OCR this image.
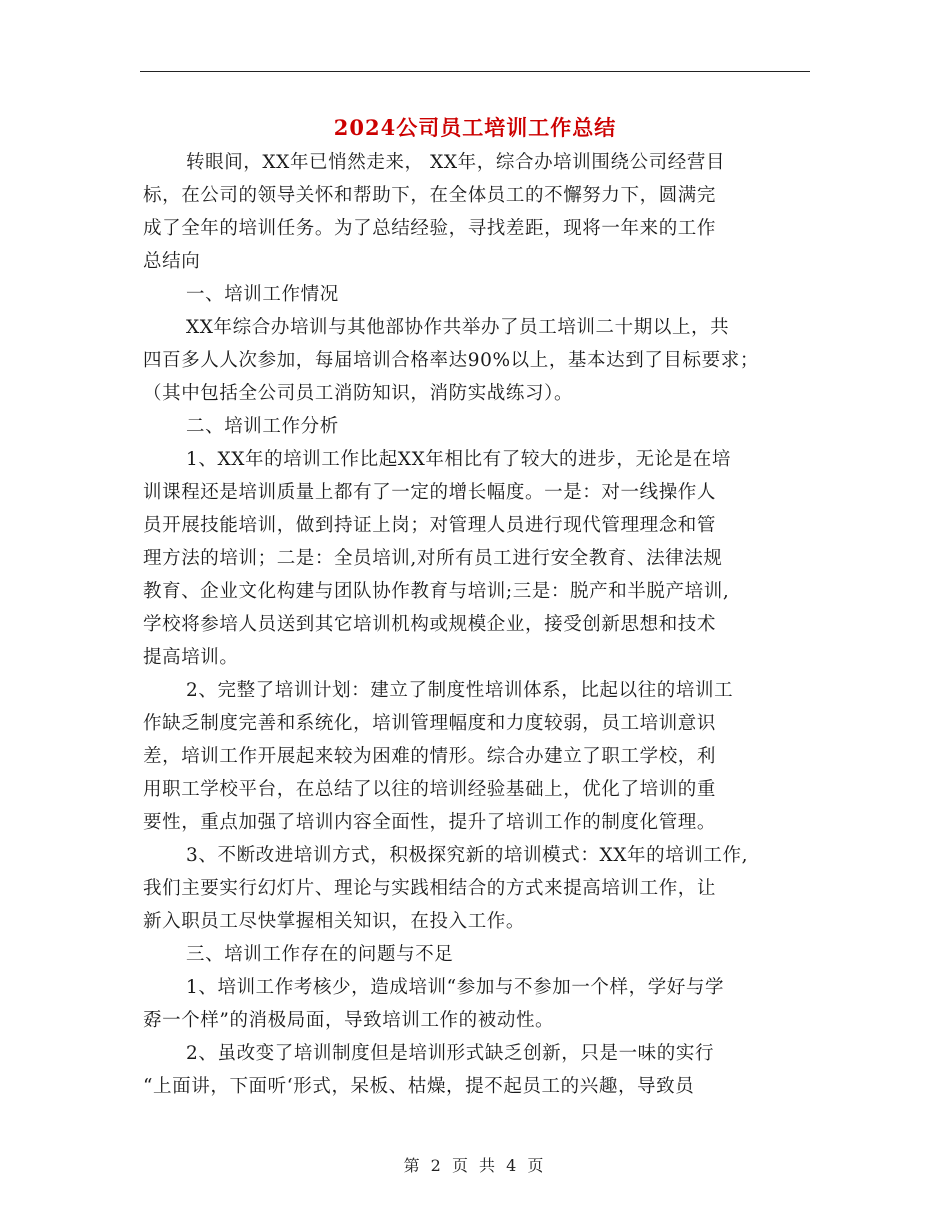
2024公司员工培训工作总结
转眼间，XX年已悄然走来， XX年，综合办培训围绕公司经营目
标，在公司的领导关怀和帮助下，在全体员工的不懈努力下，圆满完
成了全年的培训任务。为了总结经验，寻找差距，现将一年来的工作
总结向
一、培训工作情况
XX年综合办培训与其他部协作共举办了员工培训二十期以上，共
四百多人人次参加，每届培训合格率达90%以上，基本达到了目标要求；
（其中包括全公司员工消防知识，消防实战练习）。
二、培训工作分析
1、XX年的培训工作比起XX年相比有了较大的进步，无论是在培
训课程还是培训质量上都有了一定的增长幅度。一是：对一线操作人
员开展技能培训，做到持证上岗；对管理人员进行现代管理理念和管
理方法的培训；二是：全员培训,对所有员工进行安全教育、法律法规
教育、企业文化构建与团队协作教育与培训;三是：脱产和半脱产培训,
学校将参培人员送到其它培训机构或规模企业，接受创新思想和技术
提高培训。
2、完整了培训计划：建立了制度性培训体系，比起以往的培训工
作缺乏制度完善和系统化，培训管理幅度和力度较弱，员工培训意识
差，培训工作开展起来较为困难的情形。综合办建立了职工学校，利
用职工学校平台，在总结了以往的培训经验基础上，优化了培训的重
要性，重点加强了培训内容全面性，提升了培训工作的制度化管理。
3、不断改进培训方式，积极探究新的培训模式：XX年的培训工作,
我们主要实行幻灯片、理论与实践相结合的方式来提高培训工作，让
新入职员工尽快掌握相关知识，在投入工作。
三、培训工作存在的问题与不足
1、培训工作考核少，造成培训“参加与不参加一个样，学好与学
孬一个样”的消极局面，导致培训工作的被动性。
2、虽改变了培训制度但是培训形式缺乏创新，只是一味的实行
“上面讲，下面听‘形式，呆板、枯燥，提不起员工的兴趣，导致员
第 2 页 共 4 页
